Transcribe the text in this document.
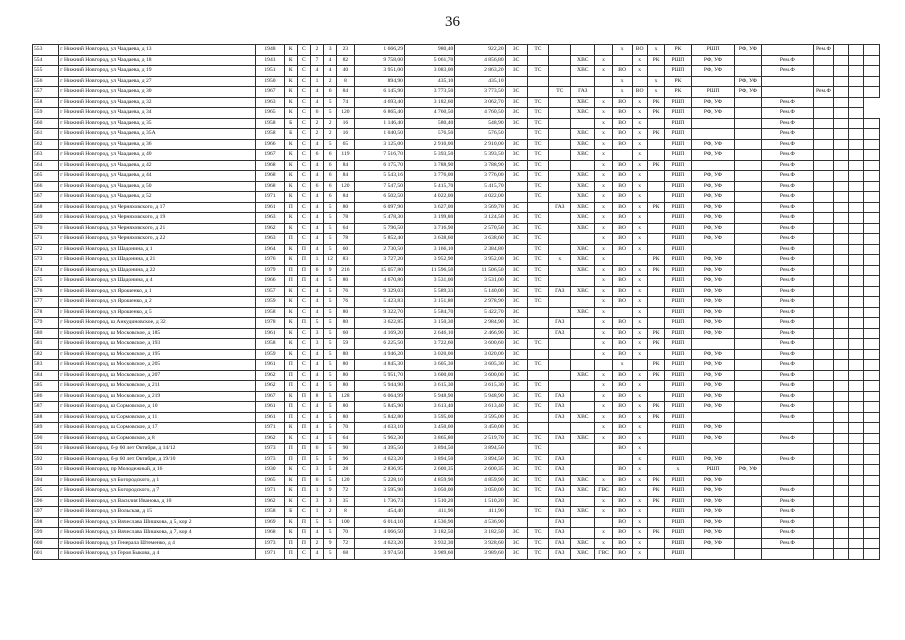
36
553	г Нижний Новгород, ул Чаадаева, д 13	1948	К	С	2	3	23	1 666,29	980,40	922,20	ЗС	ТС				х	ВО	х	РК	РШП	РФ, УФ		Рем.Ф			
554	г Нижний Новгород, ул Чаадаева, д 18	1941	К	С	7	4	82	9 758,00	5 061,70	4 856,80	ЗС			ХВС	х		х	РК	РШП	РФ, УФ		Рем.Ф				
555	г Нижний Новгород, ул Чаадаева, д 19	1951	К	С	4	4	40	3 951,00	3 083,00	2 863,20	ЗС	ТС		ХВС	х	ВО	х		РШП	РФ, УФ		Рем.Ф				
556	г Нижний Новгород, ул Чаадаева, д 27	1950	К	С	1	2	8	894,90	435,10	435,10						х		х	РК		РФ, УФ					
557	г Нижний Новгород, ул Чаадаева, д 30	1967	К	С	4	6	84	6 145,90	3 773,50	3 773,50	ЗС		ТС	ГАЗ		х	ВО	х	РК	РШП	РФ, УФ		Рем.Ф			
558	г Нижний Новгород, ул Чаадаева, д 32	1963	К	С	4	5	74	4 693,40	3 182,60	3 062,70	ЗС	ТС		ХВС	х	ВО	х	РК	РШП	РФ, УФ		Рем.Ф				
559	г Нижний Новгород, ул Чаадаева, д 34	1965	К	С	6	5	120	6 865,40	4 760,50	4 760,50	ЗС	ТС		ХВС	х	ВО	х	РК	РШП	РФ, УФ		Рем.Ф				
560	г Нижний Новгород, ул Чаадаева, д 35	1958	Б	С	2	2	16	1 146,40	580,40	548,90	ЗС	ТС			х	ВО	х		РШП			Рем.Ф				
561	г Нижний Новгород, ул Чаадаева, д 35А	1958	Б	С	2	2	16	1 040,50	576,50	576,50		ТС		ХВС	х	ВО	х	РК	РШП			Рем.Ф				
562	г Нижний Новгород, ул Чаадаева, д 36	1966	К	С	4	5	65	3 125,00	2 910,00	2 910,00	ЗС	ТС		ХВС	х	ВО	х		РШП	РФ, УФ		Рем.Ф				
563	г Нижний Новгород, ул Чаадаева, д 40	1967	К	С	6	6	119	7 516,70	5 393,50	5 393,50	ЗС	ТС		ХВС	х		х		РШП	РФ, УФ		Рем.Ф				
564	г Нижний Новгород, ул Чаадаева, д 42	1968	К	С	4	6	84	6 175,70	3 788,90	3 788,90	ЗС	ТС			х	ВО	х	РК	РШП			Рем.Ф				
565	г Нижний Новгород, ул Чаадаева, д 44	1968	К	С	4	6	84	5 543,16	3 776,00	3 776,00	ЗС	ТС		ХВС	х	ВО	х		РШП	РФ, УФ		Рем.Ф				
566	г Нижний Новгород, ул Чаадаева, д 50	1968	К	С	6	6	120	7 547,50	5 415,70	5 415,70		ТС		ХВС	х	ВО	х		РШП	РФ, УФ		Рем.Ф				
567	г Нижний Новгород, ул Чаадаева, д 52	1971	К	С	4	6	84	6 502,50	4 022,00	4 022,00		ТС		ХВС	х	ВО	х		РШП	РФ, УФ		Рем.Ф				
568	г Нижний Новгород, ул Черняховского, д 17	1961	П	С	4	5	80	6 097,90	3 627,00	3 569,70	ЗС		ГАЗ	ХВС	х	ВО	х	РК	РШП	РФ, УФ		Рем.Ф				
569	г Нижний Новгород, ул Черняховского, д 19	1963	К	С	4	5	78	5 478,30	3 199,80	3 124,50	ЗС	ТС		ХВС	х	ВО	х		РШП	РФ, УФ		Рем.Ф				
570	г Нижний Новгород, ул Черняховского, д 21	1962	К	С	4	5	64	5 796,50	3 716,90	2 570,50	ЗС	ТС		ХВС	х	ВО	х		РШП	РФ, УФ		Рем.Ф				
571	г Нижний Новгород, ул Черняховского, д 22	1963	П	С	4	5	78	5 852,40	3 638,60	3 638,60	ЗС	ТС			х	ВО	х		РШП	РФ, УФ		Рем.Ф				
572	г Нижний Новгород, ул Шадонина, д 1	1964	К	П	4	5	60	2 730,50	3 166,10	2 384,80		ТС		ХВС	х	ВО	х		РШП			Рем.Ф				
573	г Нижний Новгород, ул Шадонина, д 21	1976	К	П	1	12	83	3 727,20	3 952,90	3 952,00	ЗС	ТС	х	ХВС	х			РК	РШП	РФ, УФ		Рем.Ф				
574	г Нижний Новгород, ул Шадонина, д 22	1979	П	П	6	9	216	15 057,80	11 596,50	11 506,50	ЗС	ТС		ХВС	х	ВО	х	РК	РШП	РФ, УФ		Рем.Ф				
575	г Нижний Новгород, ул Шадонина, д 4	1966	П	П	4	5	80	4 670,80	3 531,00	3 531,00	ЗС	ТС			х	ВО	х		РШП	РФ, УФ		Рем.Ф				
576	г Нижний Новгород, ул Ярошенко, д 1	1957	К	С	4	5	76	9 329,03	5 589,33	5 140,00	ЗС	ТС	ГАЗ	ХВС	х	ВО	х		РШП	РФ, УФ		Рем.Ф				
577	г Нижний Новгород, ул Ярошенко, д 2	1959	К	С	4	5	76	5 423,83	3 151,80	2 978,90	ЗС	ТС			х	ВО	х		РШП	РФ, УФ		Рем.Ф				
578	г Нижний Новгород, ул Ярошенко, д 5	1958	К	С	4	5	80	9 322,70	5 584,70	5 422,70	ЗС			ХВС	х		х		РШП	РФ, УФ		Рем.Ф				
579	г Нижний Новгород, ш Анкудиновское, д 32	1978	К	П	5	5	80	3 622,85	3 150,30	2 984,90	ЗС		ГАЗ		х	ВО	х		РШП	РФ, УФ		Рем.Ф				
580	г Нижний Новгород, ш Московское, д 185	1961	К	С	3	5	60	4 169,20	2 646,10	2 466,90	ЗС		ГАЗ		х	ВО	х	РК	РШП	РФ, УФ		Рем.Ф				
581	г Нижний Новгород, ш Московское, д 193	1958	К	С	3	5	59	6 225,50	3 722,60	3 600,60	ЗС	ТС			х	ВО	х	РК	РШП			Рем.Ф				
582	г Нижний Новгород, ш Московское, д 195	1959	К	С	4	5	80	4 946,20	3 020,00	3 020,00	ЗС				х	ВО	х		РШП	РФ, УФ		Рем.Ф				
583	г Нижний Новгород, ш Московское, д 205	1961	П	С	4	5	80	4 845,30	3 605,30	3 605,30	ЗС	ТС				х		РК	РШП	РФ, УФ		Рем.Ф				
584	г Нижний Новгород, ш Московское, д 207	1962	П	С	4	5	80	5 951,70	3 600,00	3 600,00	ЗС			ХВС	х	ВО	х	РК	РШП	РФ, УФ		Рем.Ф				
585	г Нижний Новгород, ш Московское, д 211	1962	П	С	4	5	80	5 944,90	3 615,30	3 615,30	ЗС	ТС			х	ВО	х		РШП	РФ, УФ		Рем.Ф				
586	г Нижний Новгород, ш Московское, д 219	1967	К	П	8	5	128	6 064,99	5 948,90	5 948,90	ЗС	ТС	ГАЗ		х	ВО	х		РШП	РФ, УФ		Рем.Ф				
587	г Нижний Новгород, ш Сормовское, д 10	1961	П	С	4	5	80	5 845,90	3 613,40	3 613,40	ЗС	ТС	ГАЗ		х	ВО	х	РК	РШП	РФ, УФ		Рем.Ф				
588	г Нижний Новгород, ш Сормовское, д 11	1961	П	С	4	5	80	5 842,80	3 595,00	3 595,00	ЗС		ГАЗ	ХВС	х	ВО	х	РК	РШП			Рем.Ф				
589	г Нижний Новгород, ш Сормовское, д 17	1971	К	П	4	5	70	4 633,10	3 450,00	3 450,00	ЗС				х	ВО	х		РШП	РФ, УФ						
590	г Нижний Новгород, ш Сормовское, д 8	1962	К	С	4	5	64	5 962,30	3 865,80	2 519,70	ЗС	ТС	ГАЗ	ХВС	х	ВО	х		РШП	РФ, УФ		Рем.Ф				
591	г Нижний Новгород, б-р 60 лет Октября, д 14/12	1973	П	П	6	5	90	4 395,50	3 894,50	3 894,50		ТС				ВО	х									
592	г Нижний Новгород, б-р 60 лет Октября, д 19/10	1973	П	П	5	5	96	4 623,20	3 894,50	3 894,50	ЗС	ТС	ГАЗ				х		РШП	РФ, УФ		Рем.Ф				
593	г Нижний Новгород, пр Молодежный, д 16	1930	К	С	3	5	28	2 836,95	2 600,35	2 600,35	ЗС	ТС	ГАЗ			ВО	х		х	РШП	РФ, УФ					
594	г Нижний Новгород, ул Богородского, д 1	1965	К	П	6	5	120	5 228,10	4 859,90	4 859,90	ЗС	ТС	ГАЗ	ХВС	х	ВО	х	РК	РШП	РФ, УФ						
595	г Нижний Новгород, ул Богородского, д 7	1971	К	П	1	9	72	3 595,90	3 050,00	3 050,00	ЗС	ТС	ГАЗ	ХВС	ГВС	ВО		РК	РШП	РФ, УФ		Рем.Ф				
596	г Нижний Новгород, ул Василия Иванова, д 10	1962	К	С	3	3	35	1 736,73	1 510,20	1 510,20	ЗС		ГАЗ		х	ВО	х	РК	РШП	РФ, УФ		Рем.Ф				
597	г Нижний Новгород, ул Вольская, д 15	1958	Б	С	1	2	8	454,40	411,90	411,90		ТС	ГАЗ	ХВС	х	ВО	х		РШП	РФ, УФ		Рем.Ф				
598	г Нижний Новгород, ул Вячеслава Шишкова, д 5, кор 2	1969	К	П	5	5	100	6 014,10	4 536,90	4 536,90			ГАЗ			ВО	х		РШП	РФ, УФ		Рем.Ф				
599	г Нижний Новгород, ул Вячеслава Шишкова, д 7, кор 4	1968	К	П	4	5	70	4 066,50	3 182,50	3 182,50	ЗС	ТС	ГАЗ		х	ВО	х	РК	РШП	РФ, УФ		Рем.Ф				
600	г Нижний Новгород, ул Генерала Штеменко, д 4	1973	П	П	2	9	72	4 623,20	3 932,30	3 928,60	ЗС	ТС	ГАЗ	ХВС	х	ВО	х		РШП	РФ, УФ		Рем.Ф				
601	г Нижний Новгород, ул Героя Быкова, д 4	1971	П	С	4	5	68	3 974,50	3 989,60	3 989,60	ЗС	ТС	ГАЗ	ХВС	ГВС	ВО	х		РШП							
